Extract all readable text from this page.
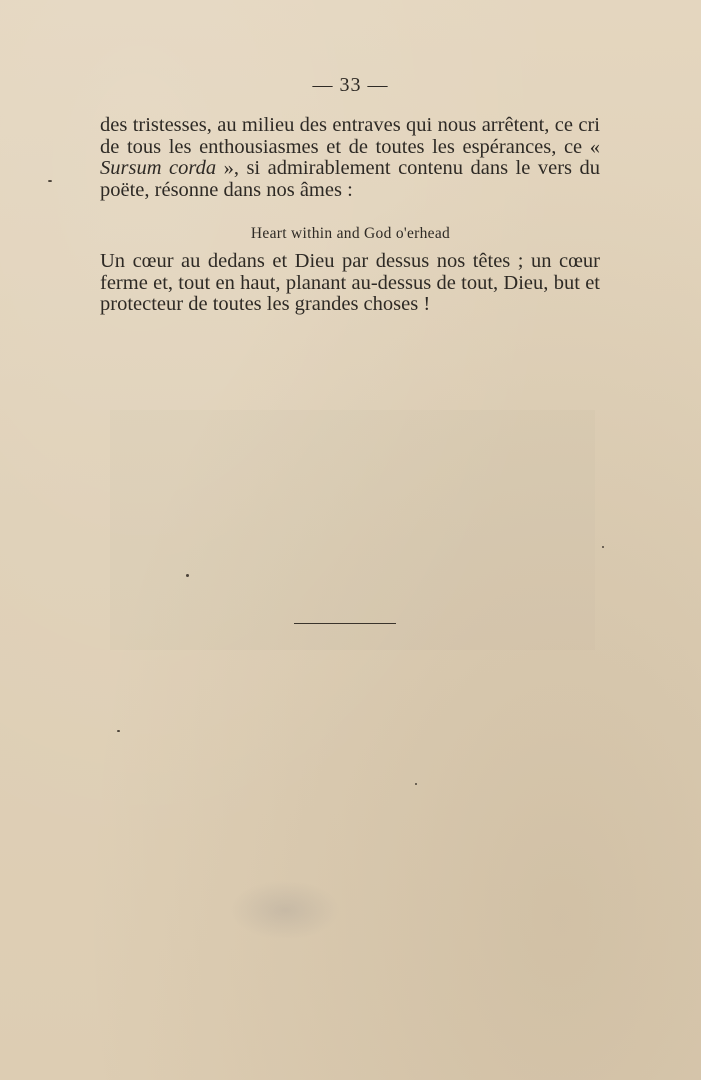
— 33 —

des tristesses, au milieu des entraves qui nous arrêtent, ce cri de tous les enthousiasmes et de toutes les espérances, ce « Sursum corda », si admirablement contenu dans le vers du poëte, résonne dans nos âmes :

Heart within and God o'erhead

Un cœur au dedans et Dieu par dessus nos têtes ; un cœur ferme et, tout en haut, planant au-dessus de tout, Dieu, but et protecteur de toutes les grandes choses !
